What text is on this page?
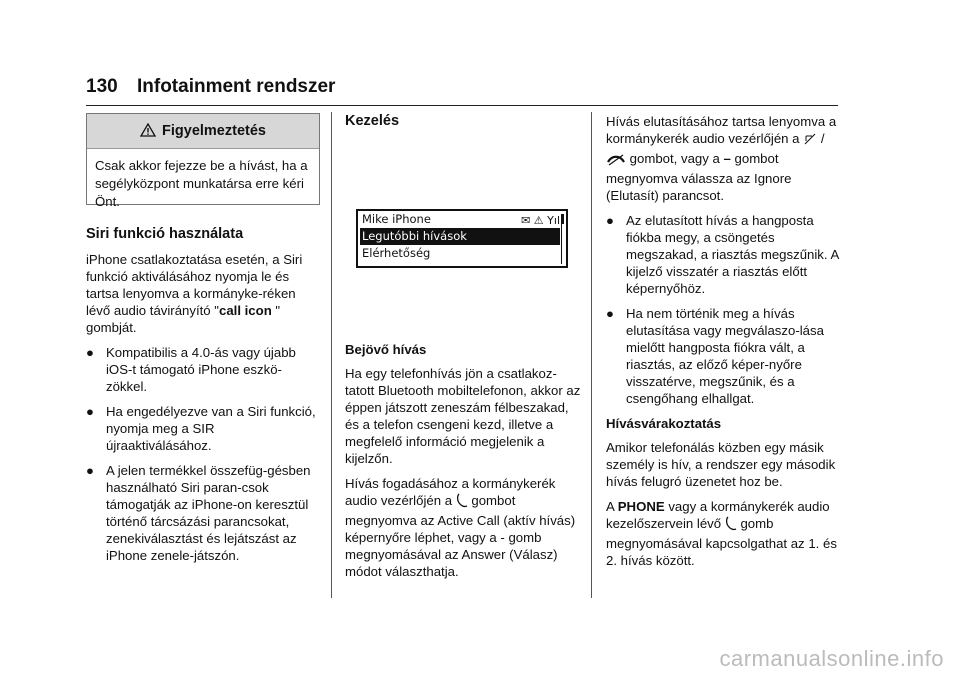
130 Infotainment rendszer
Figyelmeztetés
Csak akkor fejezze be a hívást, ha a segélyközpont munkatársa erre kéri Önt.
Siri funkció használata

iPhone csatlakoztatása esetén, a Siri funkció aktiválásához nyomja le és tartsa lenyomva a kormányke-réken lévő audio távirányító "call icon " gombját.

● Kompatibilis a 4.0-ás vagy újabb iOS-t támogató iPhone eszkö-zökkel.
● Ha engedélyezve van a Siri funkció, nyomja meg a SIR újraaktiválásához.
● A jelen termékkel összefüg-gésben használható Siri paran-csok támogatják az iPhone-on keresztül történő tárcsázási parancsokat, zenekiválasztást és lejátszást az iPhone zenele-játszón.
Kezelés
Mike iPhone	✉ ⚠ Yıl
Legutóbbi hívások
Elérhetőség
Bejövő hívás

Ha egy telefonhívás jön a csatlakoz-tatott Bluetooth mobiltelefonon, akkor az éppen játszott zeneszám félbeszakad, és a telefon csengeni kezd, illetve a megfelelő információ megjelenik a kijelzőn.

Hívás fogadásához a kormánykerék audio vezérlőjén a gombot megnyomva az Active Call (aktív hívás) képernyőre léphet, vagy a - gomb megnyomásával az Answer (Válasz) módot választhatja.

Hívás elutasításához tartsa lenyomva a kormánykerék audio vezérlőjén a /  gombot, vagy a – gombot megnyomva válassza az Ignore (Elutasít) parancsot.

● Az elutasított hívás a hangposta fiókba megy, a csöngetés megszakad, a riasztás megszűnik. A kijelző visszatér a riasztás előtt képernyőhöz.
● Ha nem történik meg a hívás elutasítása vagy megválaszo-lása mielőtt hangposta fiókra vált, a riasztás, az előző képer-nyőre visszatérve, megszűnik, és a csengőhang elhallgat.
Hívásvárakoztatás

Amikor telefonálás közben egy másik személy is hív, a rendszer egy második hívás felugró üzenetet hoz be.

A PHONE vagy a kormánykerék audio kezelőszervein lévő gomb megnyomásával kapcsolgathat az 1. és 2. hívás között.

carmanualsonline.info
